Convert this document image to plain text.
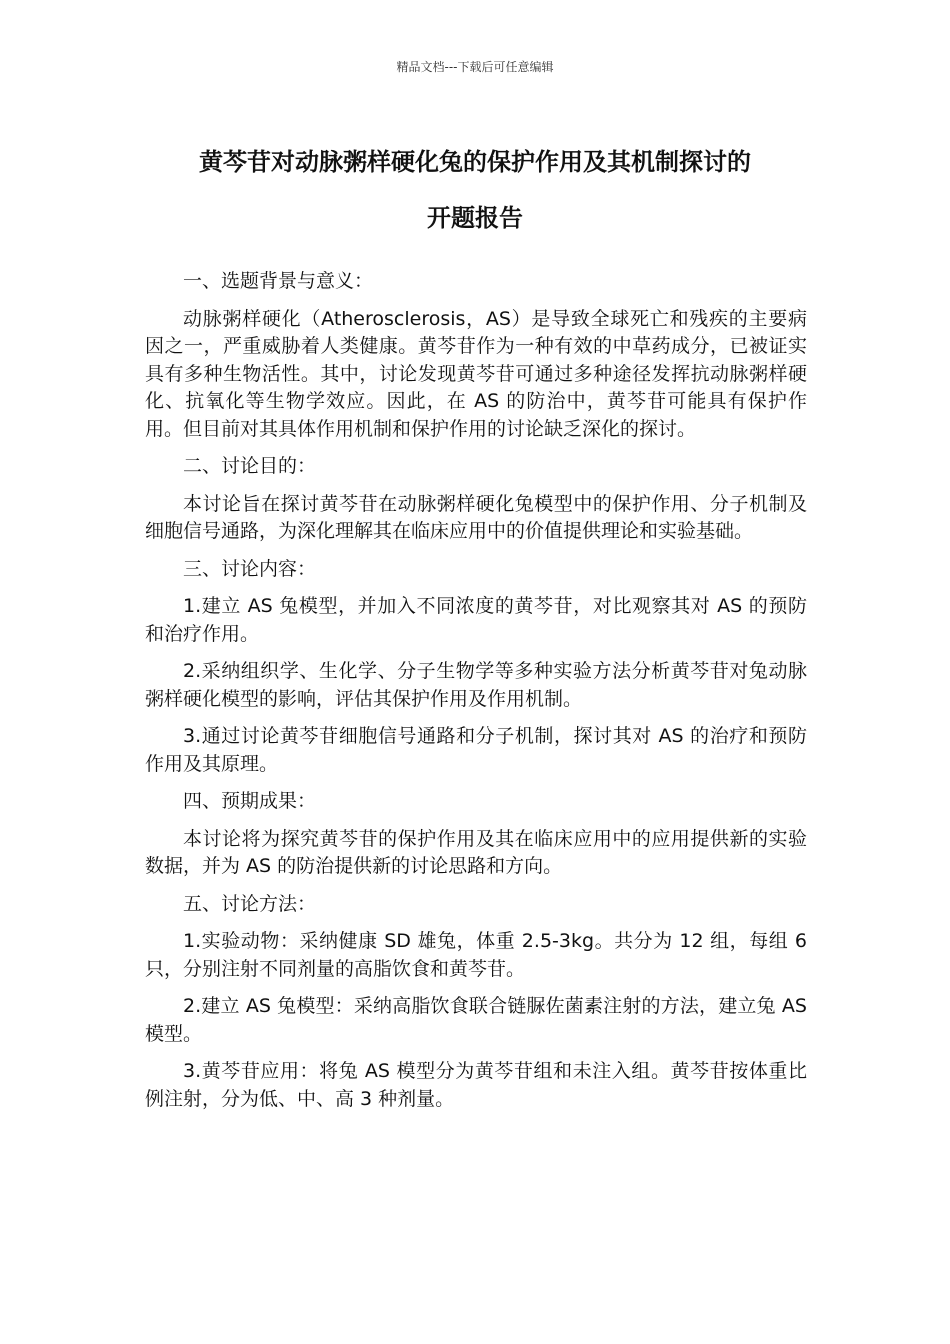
精品文档---下载后可任意编辑
黄芩苷对动脉粥样硬化兔的保护作用及其机制探讨的
开题报告

一、选题背景与意义：

动脉粥样硬化（Atherosclerosis，AS）是导致全球死亡和残疾的主要病因之一，严重威胁着人类健康。黄芩苷作为一种有效的中草药成分，已被证实具有多种生物活性。其中，讨论发现黄芩苷可通过多种途径发挥抗动脉粥样硬化、抗氧化等生物学效应。因此，在 AS 的防治中，黄芩苷可能具有保护作用。但目前对其具体作用机制和保护作用的讨论缺乏深化的探讨。

二、讨论目的：

本讨论旨在探讨黄芩苷在动脉粥样硬化兔模型中的保护作用、分子机制及细胞信号通路，为深化理解其在临床应用中的价值提供理论和实验基础。

三、讨论内容：

1.建立 AS 兔模型，并加入不同浓度的黄芩苷，对比观察其对 AS 的预防和治疗作用。

2.采纳组织学、生化学、分子生物学等多种实验方法分析黄芩苷对兔动脉粥样硬化模型的影响，评估其保护作用及作用机制。

3.通过讨论黄芩苷细胞信号通路和分子机制，探讨其对 AS 的治疗和预防作用及其原理。

四、预期成果：

本讨论将为探究黄芩苷的保护作用及其在临床应用中的应用提供新的实验数据，并为 AS 的防治提供新的讨论思路和方向。

五、讨论方法：

1.实验动物：采纳健康 SD 雄兔，体重 2.5-3kg。共分为 12 组，每组 6 只，分别注射不同剂量的高脂饮食和黄芩苷。

2.建立 AS 兔模型：采纳高脂饮食联合链脲佐菌素注射的方法，建立兔 AS 模型。

3.黄芩苷应用：将兔 AS 模型分为黄芩苷组和未注入组。黄芩苷按体重比例注射，分为低、中、高 3 种剂量。
